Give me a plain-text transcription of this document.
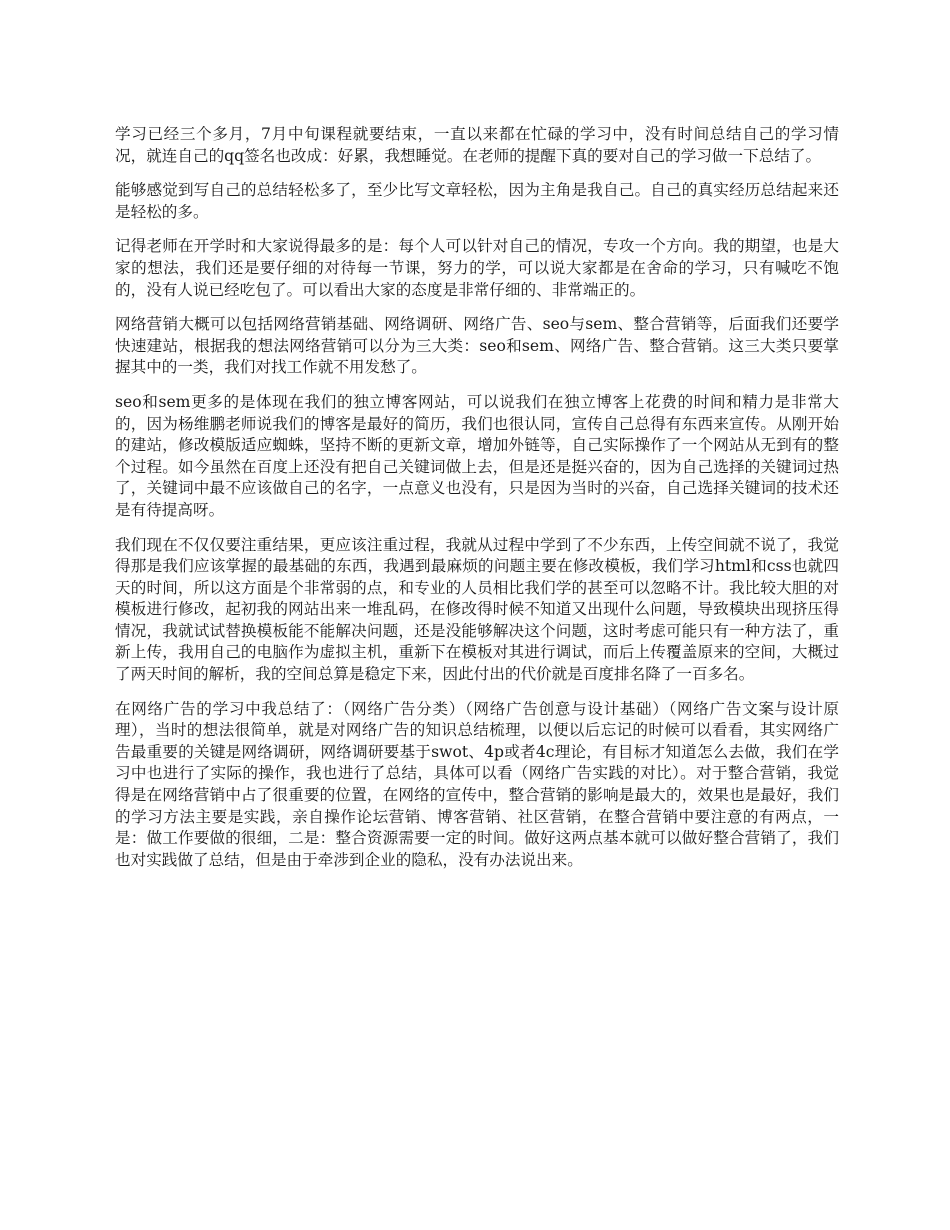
学习已经三个多月，7月中旬课程就要结束，一直以来都在忙碌的学习中，没有时间总结自己的学习情况，就连自己的qq签名也改成：好累，我想睡觉。在老师的提醒下真的要对自己的学习做一下总结了。

能够感觉到写自己的总结轻松多了，至少比写文章轻松，因为主角是我自己。自己的真实经历总结起来还是轻松的多。

记得老师在开学时和大家说得最多的是：每个人可以针对自己的情况，专攻一个方向。我的期望，也是大家的想法，我们还是要仔细的对待每一节课，努力的学，可以说大家都是在舍命的学习，只有喊吃不饱的，没有人说已经吃包了。可以看出大家的态度是非常仔细的、非常端正的。

网络营销大概可以包括网络营销基础、网络调研、网络广告、seo与sem、整合营销等，后面我们还要学快速建站，根据我的想法网络营销可以分为三大类：seo和sem、网络广告、整合营销。这三大类只要掌握其中的一类，我们对找工作就不用发愁了。

seo和sem更多的是体现在我们的独立博客网站，可以说我们在独立博客上花费的时间和精力是非常大的，因为杨维鹏老师说我们的博客是最好的简历，我们也很认同，宣传自己总得有东西来宣传。从刚开始的建站，修改模版适应蜘蛛，坚持不断的更新文章，增加外链等，自己实际操作了一个网站从无到有的整个过程。如今虽然在百度上还没有把自己关键词做上去，但是还是挺兴奋的，因为自己选择的关键词过热了，关键词中最不应该做自己的名字，一点意义也没有，只是因为当时的兴奋，自己选择关键词的技术还是有待提高呀。

我们现在不仅仅要注重结果，更应该注重过程，我就从过程中学到了不少东西，上传空间就不说了，我觉得那是我们应该掌握的最基础的东西，我遇到最麻烦的问题主要在修改模板，我们学习html和css也就四天的时间，所以这方面是个非常弱的点，和专业的人员相比我们学的甚至可以忽略不计。我比较大胆的对模板进行修改，起初我的网站出来一堆乱码，在修改得时候不知道又出现什么问题，导致模块出现挤压得情况，我就试试替换模板能不能解决问题，还是没能够解决这个问题，这时考虑可能只有一种方法了，重新上传，我用自己的电脑作为虚拟主机，重新下在模板对其进行调试，而后上传覆盖原来的空间，大概过了两天时间的解析，我的空间总算是稳定下来，因此付出的代价就是百度排名降了一百多名。

在网络广告的学习中我总结了：（网络广告分类）（网络广告创意与设计基础）（网络广告文案与设计原理），当时的想法很简单，就是对网络广告的知识总结梳理，以便以后忘记的时候可以看看，其实网络广告最重要的关键是网络调研，网络调研要基于swot、4p或者4c理论，有目标才知道怎么去做，我们在学习中也进行了实际的操作，我也进行了总结，具体可以看（网络广告实践的对比）。对于整合营销，我觉得是在网络营销中占了很重要的位置，在网络的宣传中，整合营销的影响是最大的，效果也是最好，我们的学习方法主要是实践，亲自操作论坛营销、博客营销、社区营销，在整合营销中要注意的有两点，一是：做工作要做的很细，二是：整合资源需要一定的时间。做好这两点基本就可以做好整合营销了，我们也对实践做了总结，但是由于牵涉到企业的隐私，没有办法说出来。
